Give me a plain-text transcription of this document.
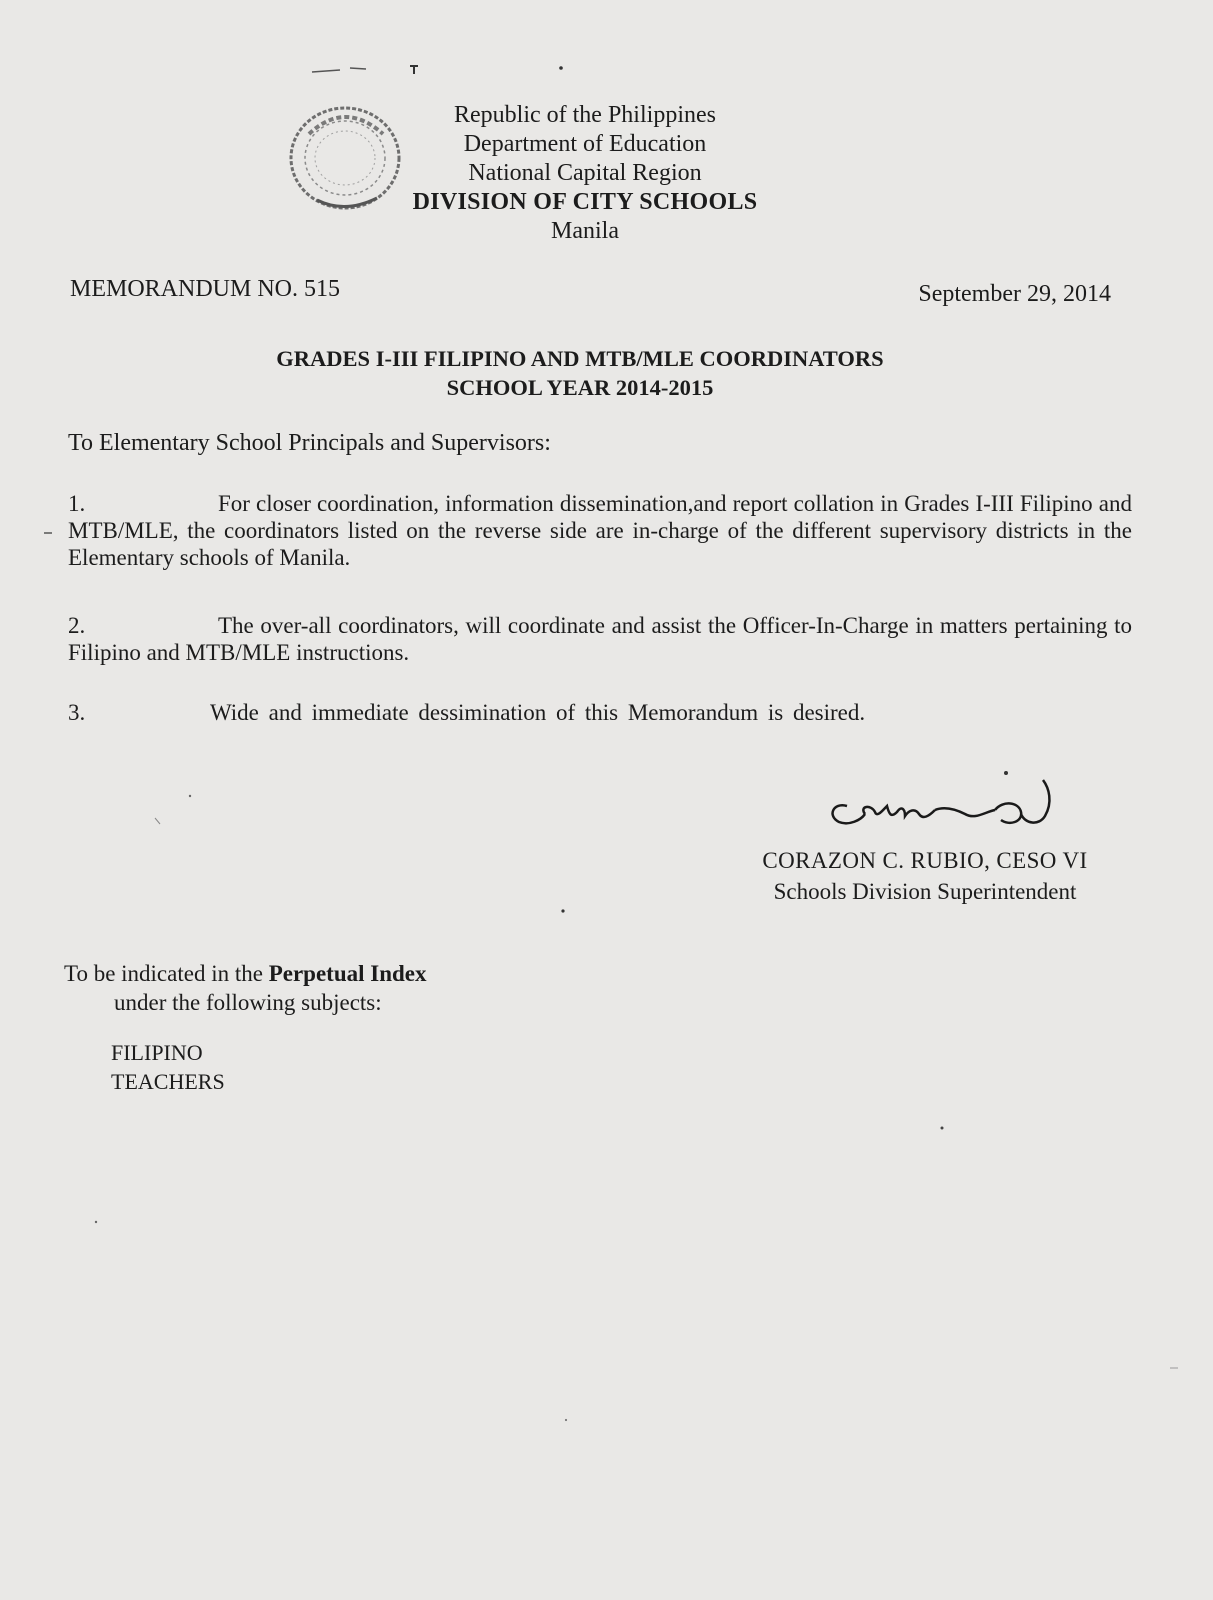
Republic of the Philippines
Department of Education
National Capital Region
DIVISION OF CITY SCHOOLS
Manila
MEMORANDUM NO. 515	September 29, 2014
GRADES I-III FILIPINO AND MTB/MLE COORDINATORS
SCHOOL YEAR 2014-2015
To Elementary School Principals and Supervisors:
1.	For closer coordination, information dissemination,and report collation in Grades I-III Filipino and MTB/MLE, the coordinators listed on the reverse side are in-charge of the different supervisory districts in the Elementary schools of Manila.
2.	The over-all coordinators, will coordinate and assist the Officer-In-Charge in matters pertaining to Filipino and MTB/MLE instructions.
3.	Wide and immediate dessimination of this Memorandum is desired.
CORAZON C. RUBIO, CESO VI
Schools Division Superintendent
To be indicated in the Perpetual Index
under the following subjects:
FILIPINO
TEACHERS
